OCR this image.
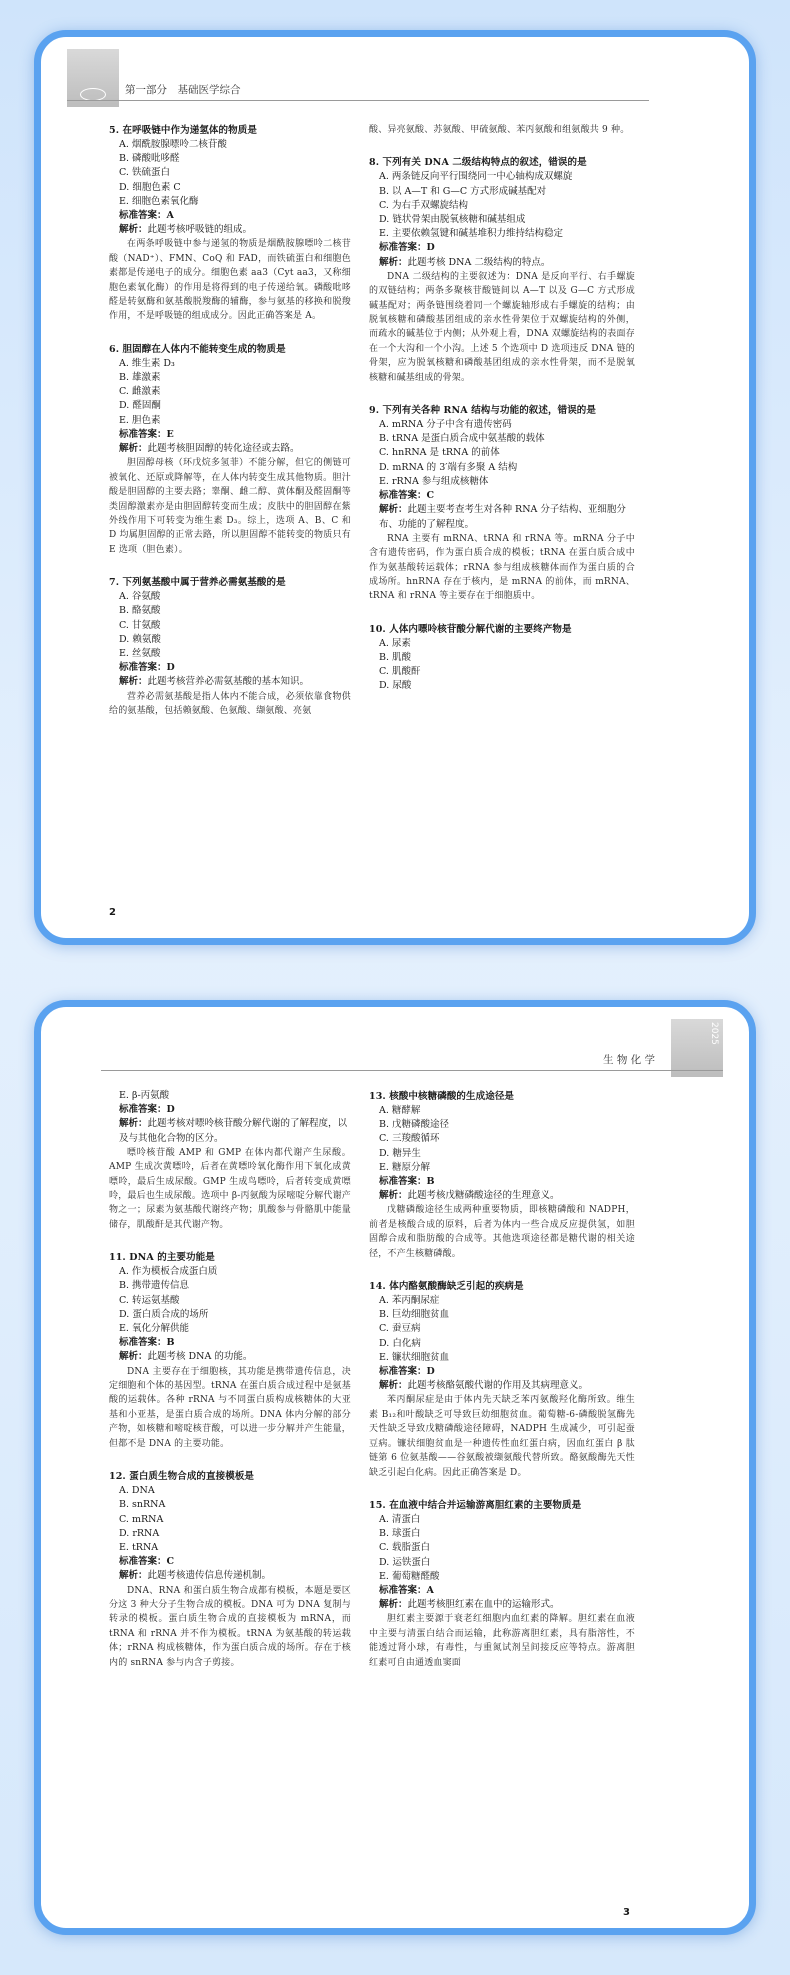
第一部分　基础医学综合
5. 在呼吸链中作为递氢体的物质是
A. 烟酰胺腺嘌呤二核苷酸
B. 磷酸吡哆醛
C. 铁硫蛋白
D. 细胞色素 C
E. 细胞色素氧化酶
标准答案：A
解析：此题考核呼吸链的组成。
在两条呼吸链中参与递氢的物质是烟酰胺腺嘌呤二核苷酸（NAD⁺）、FMN、CoQ 和 FAD，而铁硫蛋白和细胞色素都是传递电子的成分。细胞色素 aa3（Cyt aa3，又称细胞色素氧化酶）的作用是将得到的电子传递给氧。磷酸吡哆醛是转氨酶和氨基酸脱羧酶的辅酶，参与氨基的移换和脱羧作用，不是呼吸链的组成成分。因此正确答案是 A。
6. 胆固醇在人体内不能转变生成的物质是
A. 维生素 D₃
B. 雄激素
C. 雌激素
D. 醛固酮
E. 胆色素
标准答案：E
解析：此题考核胆固醇的转化途径或去路。
胆固醇母核（环戊烷多氢菲）不能分解，但它的侧链可被氧化、还原或降解等，在人体内转变生成其他物质。胆汁酸是胆固醇的主要去路；睾酮、雌二醇、黄体酮及醛固酮等类固醇激素亦是由胆固醇转变而生成；皮肤中的胆固醇在紫外线作用下可转变为维生素 D₃。综上，选项 A、B、C 和 D 均属胆固醇的正常去路，所以胆固醇不能转变的物质只有 E 选项（胆色素）。
7. 下列氨基酸中属于营养必需氨基酸的是
A. 谷氨酸
B. 酪氨酸
C. 甘氨酸
D. 赖氨酸
E. 丝氨酸
标准答案：D
解析：此题考核营养必需氨基酸的基本知识。
营养必需氨基酸是指人体内不能合成，必须依靠食物供给的氨基酸，包括赖氨酸、色氨酸、缬氨酸、亮氨
酸、异亮氨酸、苏氨酸、甲硫氨酸、苯丙氨酸和组氨酸共 9 种。
8. 下列有关 DNA 二级结构特点的叙述，错误的是
A. 两条链反向平行围绕同一中心轴构成双螺旋
B. 以 A—T 和 G—C 方式形成碱基配对
C. 为右手双螺旋结构
D. 链状骨架由脱氧核糖和碱基组成
E. 主要依赖氢键和碱基堆积力维持结构稳定
标准答案：D
解析：此题考核 DNA 二级结构的特点。
DNA 二级结构的主要叙述为：DNA 是反向平行、右手螺旋的双链结构；两条多聚核苷酸链间以 A—T 以及 G—C 方式形成碱基配对；两条链围绕着同一个螺旋轴形成右手螺旋的结构；由脱氧核糖和磷酸基团组成的亲水性骨架位于双螺旋结构的外侧，而疏水的碱基位于内侧；从外观上看，DNA 双螺旋结构的表面存在一个大沟和一个小沟。上述 5 个选项中 D 选项违反 DNA 链的骨架，应为脱氧核糖和磷酸基团组成的亲水性骨架，而不是脱氧核糖和碱基组成的骨架。
9. 下列有关各种 RNA 结构与功能的叙述，错误的是
A. mRNA 分子中含有遗传密码
B. tRNA 是蛋白质合成中氨基酸的载体
C. hnRNA 是 tRNA 的前体
D. mRNA 的 3′端有多聚 A 结构
E. rRNA 参与组成核糖体
标准答案：C
解析：此题主要考查考生对各种 RNA 分子结构、亚细胞分布、功能的了解程度。
RNA 主要有 mRNA、tRNA 和 rRNA 等。mRNA 分子中含有遗传密码，作为蛋白质合成的模板；tRNA 在蛋白质合成中作为氨基酸转运载体；rRNA 参与组成核糖体而作为蛋白质的合成场所。hnRNA 存在于核内，是 mRNA 的前体，而 mRNA、tRNA 和 rRNA 等主要存在于细胞质中。
10. 人体内嘌呤核苷酸分解代谢的主要终产物是
A. 尿素
B. 肌酸
C. 肌酸酐
D. 尿酸
2
2025
生 物 化 学
E. β-丙氨酸
标准答案：D
解析：此题考核对嘌呤核苷酸分解代谢的了解程度，以及与其他化合物的区分。
嘌呤核苷酸 AMP 和 GMP 在体内都代谢产生尿酸。AMP 生成次黄嘌呤，后者在黄嘌呤氧化酶作用下氧化成黄嘌呤，最后生成尿酸。GMP 生成鸟嘌呤，后者转变成黄嘌呤，最后也生成尿酸。选项中 β-丙氨酸为尿嘧啶分解代谢产物之一；尿素为氨基酸代谢终产物；肌酸参与骨骼肌中能量储存，肌酸酐是其代谢产物。
11. DNA 的主要功能是
A. 作为模板合成蛋白质
B. 携带遗传信息
C. 转运氨基酸
D. 蛋白质合成的场所
E. 氧化分解供能
标准答案：B
解析：此题考核 DNA 的功能。
DNA 主要存在于细胞核，其功能是携带遗传信息，决定细胞和个体的基因型。tRNA 在蛋白质合成过程中是氨基酸的运载体。各种 rRNA 与不同蛋白质构成核糖体的大亚基和小亚基，是蛋白质合成的场所。DNA 体内分解的部分产物，如核糖和嘧啶核苷酸，可以进一步分解并产生能量，但都不是 DNA 的主要功能。
12. 蛋白质生物合成的直接模板是
A. DNA
B. snRNA
C. mRNA
D. rRNA
E. tRNA
标准答案：C
解析：此题考核遗传信息传递机制。
DNA、RNA 和蛋白质生物合成都有模板，本题是要区分这 3 种大分子生物合成的模板。DNA 可为 DNA 复制与转录的模板。蛋白质生物合成的直接模板为 mRNA，而 tRNA 和 rRNA 并不作为模板。tRNA 为氨基酸的转运载体；rRNA 构成核糖体，作为蛋白质合成的场所。存在于核内的 snRNA 参与内含子剪接。
13. 核酸中核糖磷酸的生成途径是
A. 糖酵解
B. 戊糖磷酸途径
C. 三羧酸循环
D. 糖异生
E. 糖原分解
标准答案：B
解析：此题考核戊糖磷酸途径的生理意义。
戊糖磷酸途径生成两种重要物质，即核糖磷酸和 NADPH，前者是核酸合成的原料，后者为体内一些合成反应提供氢，如胆固醇合成和脂肪酸的合成等。其他选项途径都是糖代谢的相关途径，不产生核糖磷酸。
14. 体内酪氨酸酶缺乏引起的疾病是
A. 苯丙酮尿症
B. 巨幼细胞贫血
C. 蚕豆病
D. 白化病
E. 镰状细胞贫血
标准答案：D
解析：此题考核酪氨酸代谢的作用及其病理意义。
苯丙酮尿症是由于体内先天缺乏苯丙氨酸羟化酶所致。维生素 B₁₂和叶酸缺乏可导致巨幼细胞贫血。葡萄糖-6-磷酸脱氢酶先天性缺乏导致戊糖磷酸途径障碍，NADPH 生成减少，可引起蚕豆病。镰状细胞贫血是一种遗传性血红蛋白病，因血红蛋白 β 肽链第 6 位氨基酸——谷氨酸被缬氨酸代替所致。酪氨酸酶先天性缺乏引起白化病。因此正确答案是 D。
15. 在血液中结合并运输游离胆红素的主要物质是
A. 清蛋白
B. 球蛋白
C. 载脂蛋白
D. 运铁蛋白
E. 葡萄糖醛酸
标准答案：A
解析：此题考核胆红素在血中的运输形式。
胆红素主要源于衰老红细胞内血红素的降解。胆红素在血液中主要与清蛋白结合而运输，此称游离胆红素，具有脂溶性，不能透过肾小球，有毒性，与重氮试剂呈间接反应等特点。游离胆红素可自由通透血窦面
3
